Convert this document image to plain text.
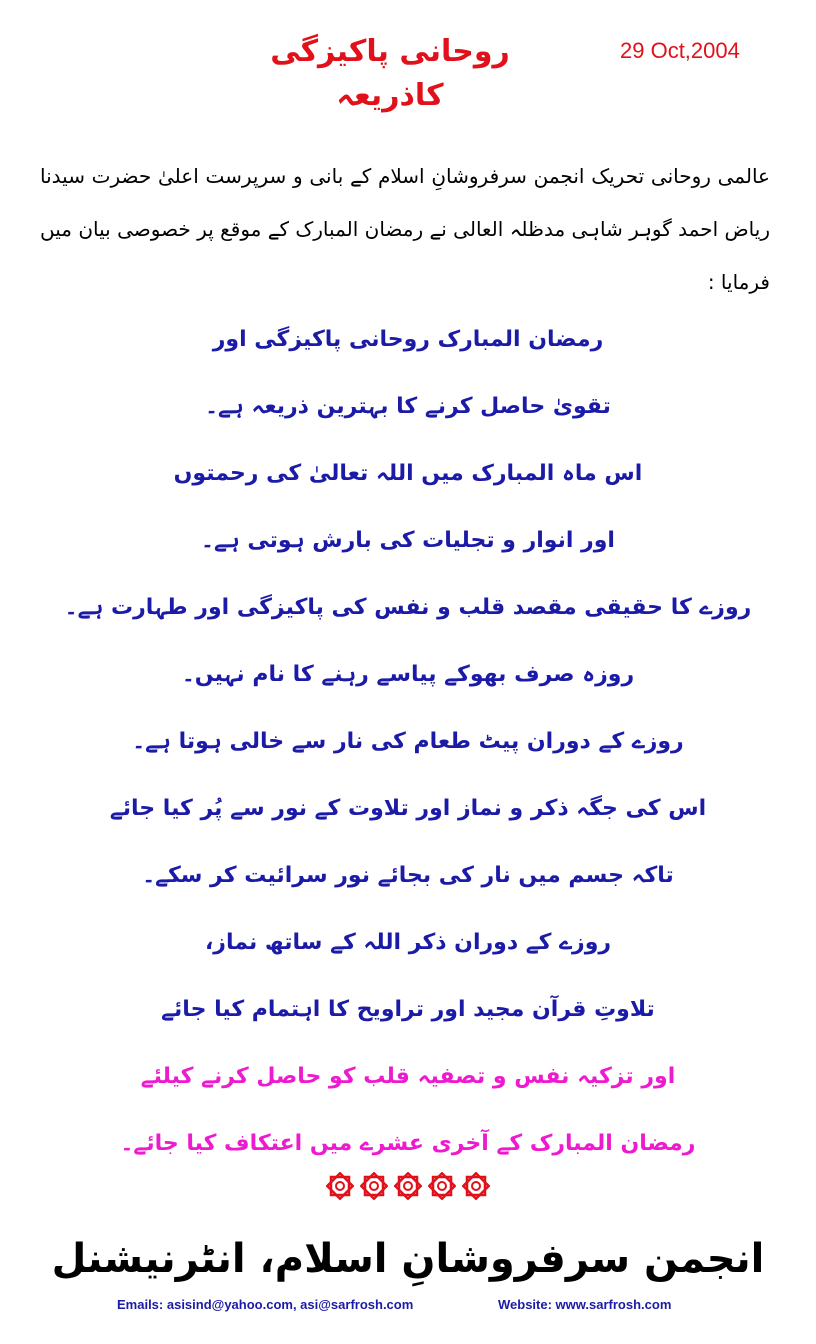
روحانی پاکیزگی کاذریعہ
29 Oct,2004
عالمی روحانی تحریک انجمن سرفروشانِ اسلام کے بانی و سرپرست اعلیٰ حضرت سیدنا ریاض احمد گوہر شاہی مدظلہ العالی نے رمضان المبارک کے موقع پر خصوصی بیان میں فرمایا :
رمضان المبارک روحانی پاکیزگی اور
تقویٰ حاصل کرنے کا بہترین ذریعہ ہے۔
اس ماہ المبارک میں اللہ تعالیٰ کی رحمتوں
اور انوار و تجلیات کی بارش ہوتی ہے۔
روزے کا حقیقی مقصد قلب و نفس کی پاکیزگی اور طہارت ہے۔
روزہ صرف بھوکے پیاسے رہنے کا نام نہیں۔
روزے کے دوران پیٹ طعام کی نار سے خالی ہوتا ہے۔
اس کی جگہ ذکر و نماز اور تلاوت کے نور سے پُر کیا جائے
تاکہ جسم میں نار کی بجائے نور سرائیت کر سکے۔
روزے کے دوران ذکر اللہ کے ساتھ نماز،
تلاوتِ قرآن مجید اور تراویح کا اہتمام کیا جائے
اور تزکیہ نفس و تصفیہ قلب کو حاصل کرنے کیلئے
رمضان المبارک کے آخری عشرے میں اعتکاف کیا جائے۔
انجمن سرفروشانِ اسلام، انٹرنیشنل
Emails: asisind@yahoo.com, asi@sarfrosh.com	Website: www.sarfrosh.com
